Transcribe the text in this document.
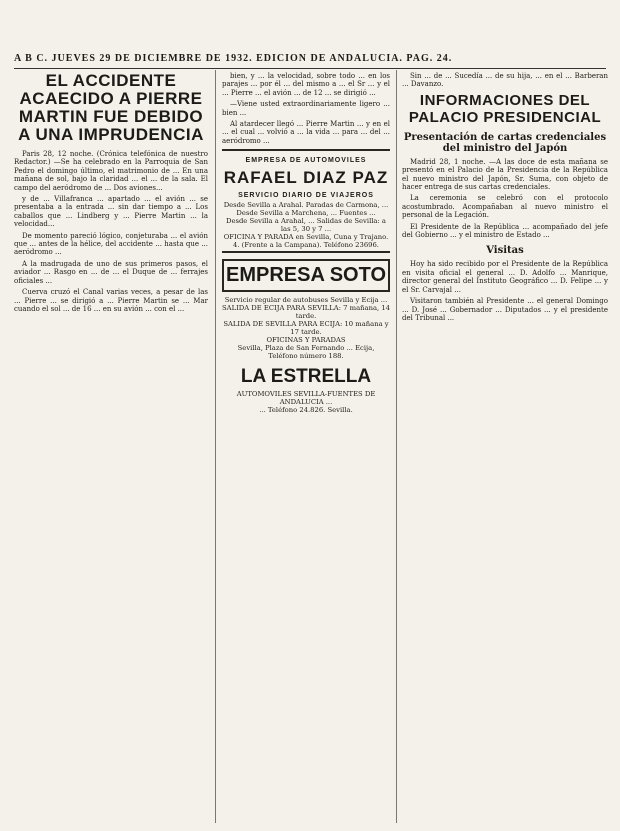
A B C. JUEVES 29 DE DICIEMBRE DE 1932. EDICION DE ANDALUCIA. PAG. 24.
EL ACCIDENTE ACAECIDO A PIERRE MARTIN FUE DEBIDO A UNA IMPRUDENCIA

Paris 28, 12 noche. (Crónica telefónica de nuestro Redactor.) —Se ha celebrado en la Parroquia de San Pedro el domingo último, el matrimonio de ... En una mañana de sol, bajo la claridad ... el ... de la sala. El campo del aeródromo de ... Dos aviones...

y de ... Villafranca ... apartado ... el avión ... se presentaba a la entrada ... sin dar tiempo a ... Los caballos que ... Lindberg y ... Pierre Martin ... la velocidad...

De momento pareció lógico, conjeturaba ... el avión que ... antes de la hélice, del accidente ... hasta que ... aeródromo ...

A la madrugada de uno de sus primeros pasos, el aviador ... Rasgo en ... de ... el Duque de ... ferrajes oficiales ...

Cuerva cruzó el Canal varias veces, a pesar de las ... Pierre ... se dirigió a ... Pierre Martin se ... Mar cuando el sol ... de 16 ... en su avión ... con el ...

bien, y ... la velocidad, sobre todo ... en los parajes ... por él ... del mismo a ... el Sr ... y el ... Pierre ... el avión ... de 12 ... se dirigió ...

—Viene usted extraordinariamente ligero ... bien ...

Al atardecer llegó ... Pierre Martin ... y en el ... el cual ... volvió a ... la vida ... para ... del ... aeródromo ...

EMPRESA DE AUTOMOVILES
RAFAEL DIAZ PAZ
SERVICIO DIARIO DE VIAJEROS

Desde Sevilla a Arahal. Paradas de Carmona, ...

Desde Sevilla a Marchena, ... Fuentes ...

Desde Sevilla a Arahal, ... Salidas de Sevilla: a las 5, 30 y 7 ...

OFICINA Y PARADA en Sevilla, Cuna y Trajano. 4. (Frente a la Campana). Teléfono 23696.

EMPRESA SOTO

Servicio regular de autobuses Sevilla y Ecija ...

SALIDA DE ECIJA PARA SEVILLA: 7 mañana, 14 tarde.

SALIDA DE SEVILLA PARA ECIJA: 10 mañana y 17 tarde.

OFICINAS Y PARADAS

Sevilla, Plaza de San Fernando ... Ecija, Teléfono número 188.

LA ESTRELLA

AUTOMOVILES SEVILLA-FUENTES DE ANDALUCIA ...

... Teléfono 24.826. Sevilla.

Sin ... de ... Sucedía ... de su hija, ... en el ... Barberan ... Davanzo.

INFORMACIONES DEL PALACIO PRESIDENCIAL
Presentación de cartas credenciales del ministro del Japón

Madrid 28, 1 noche. —A las doce de esta mañana se presentó en el Palacio de la Presidencia de la República el nuevo ministro del Japón, Sr. Suma, con objeto de hacer entrega de sus cartas credenciales.

La ceremonia se celebró con el protocolo acostumbrado. Acompañaban al nuevo ministro el personal de la Legación.

El Presidente de la República ... acompañado del jefe del Gobierno ... y el ministro de Estado ...

Visitas

Hoy ha sido recibido por el Presidente de la República en visita oficial el general ... D. Adolfo ... Manrique, director general del Instituto Geográfico ... D. Felipe ... y el Sr. Carvajal ...

Visitaron también al Presidente ... el general Domingo ... D. José ... Gobernador ... Diputados ... y el presidente del Tribunal ...
